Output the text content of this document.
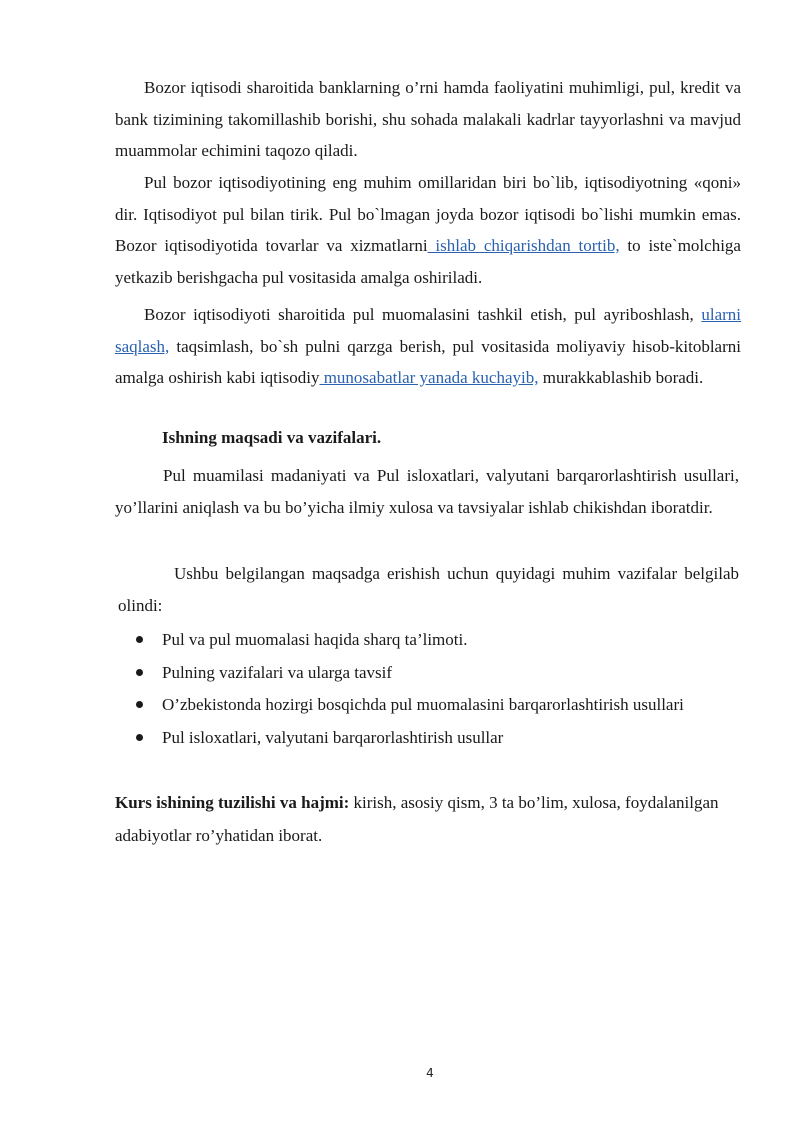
Bozor iqtisodi sharoitida banklarning o’rni hamda faoliyatini muhimligi, pul, kredit va bank tizimining takomillashib borishi, shu sohada malakali kadrlar tayyorlashni va mavjud muammolar echimini taqozo qiladi.

Pul bozor iqtisodiyotining eng muhim omillaridan biri bo`lib, iqtisodiyotning «qoni» dir. Iqtisodiyot pul bilan tirik. Pul bo`lmagan joyda bozor iqtisodi bo`lishi mumkin emas. Bozor iqtisodiyotida tovarlar va xizmatlarni ishlab chiqarishdan tortib, to iste`molchiga yetkazib berishgacha pul vositasida amalga oshiriladi.

Bozor iqtisodiyoti sharoitida pul muomalasini tashkil etish, pul ayriboshlash, ularni saqlash, taqsimlash, bo`sh pulni qarzga berish, pul vositasida moliyaviy hisob-kitoblarni amalga oshirish kabi iqtisodiy munosabatlar yanada kuchayib, murakkablashib boradi.

Ishning maqsadi va vazifalari.

Pul muamilasi madaniyati va Pul isloxatlari, valyutani barqarorlashtirish usullari, yo’llarini aniqlash va bu bo’yicha ilmiy xulosa va tavsiyalar ishlab chikishdan iboratdir.

Ushbu belgilangan maqsadga erishish uchun quyidagi muhim vazifalar belgilab olindi:

Pul va pul muomalasi haqida sharq ta’limoti.
Pulning vazifalari va ularga tavsif
O’zbekistonda hozirgi bosqichda pul muomalasini barqarorlashtirish usullari
Pul isloxatlari, valyutani barqarorlashtirish usullar

Kurs ishining tuzilishi va hajmi: kirish, asosiy qism, 3 ta bo’lim, xulosa, foydalanilgan adabiyotlar ro’yhatidan iborat.

4
